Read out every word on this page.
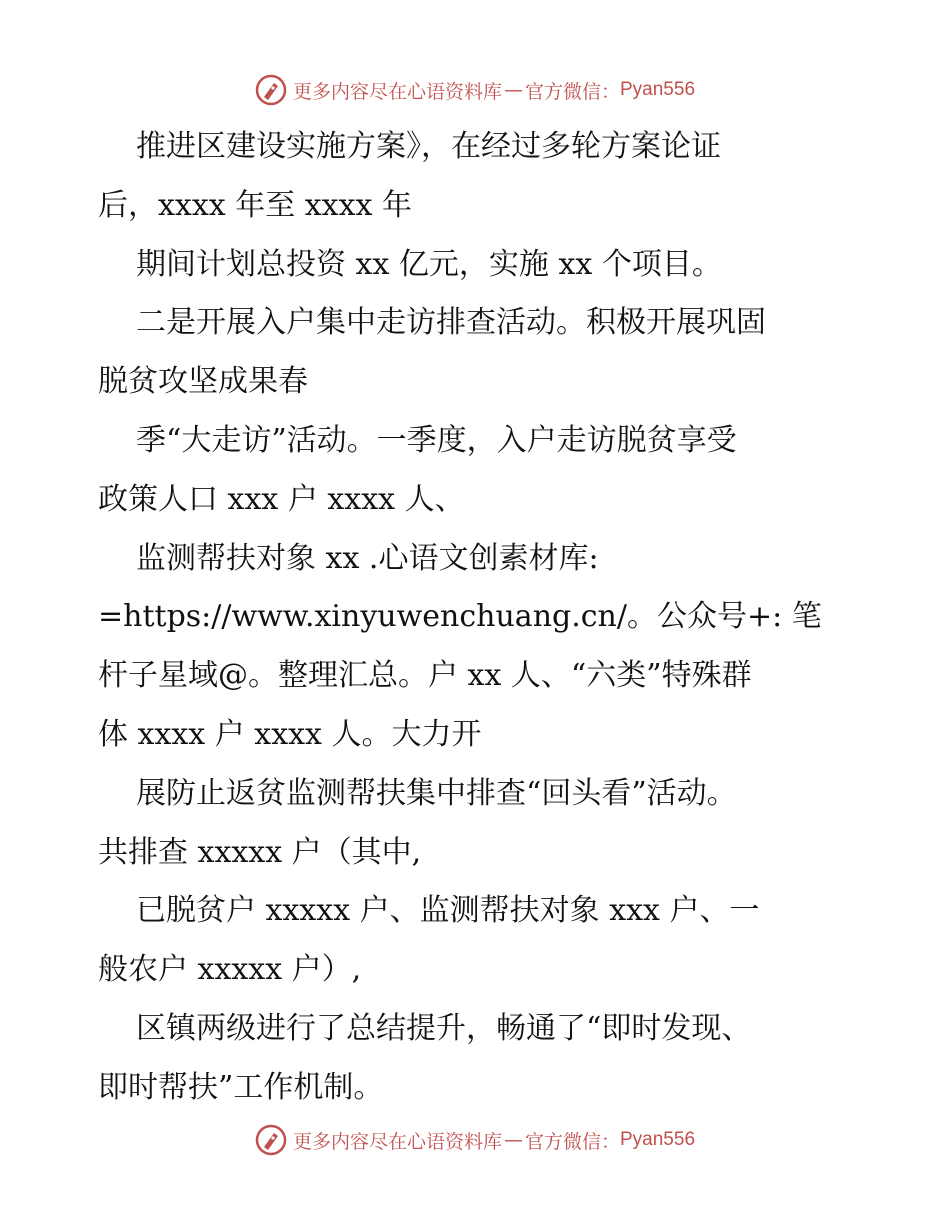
更多内容尽在心语资料库 — 官方微信： Pyan556
推进区建设实施方案》，在经过多轮方案论证
后，xxxx 年至 xxxx 年
期间计划总投资 xx 亿元，实施 xx 个项目。
二是开展入户集中走访排查活动。积极开展巩固
脱贫攻坚成果春
季“大走访”活动。一季度，入户走访脱贫享受
政策人口 xxx 户 xxxx 人、
监测帮扶对象 xx .心语文创素材库:
=https://www.xinyuwenchuang.cn/。公众号+: 笔
杆子星域@。整理汇总。户 xx 人、“六类”特殊群
体 xxxx 户 xxxx 人。大力开
展防止返贫监测帮扶集中排查“回头看”活动。
共排查 xxxxx 户（其中,
已脱贫户 xxxxx 户、监测帮扶对象 xxx 户、一
般农户 xxxxx 户）,
区镇两级进行了总结提升，畅通了“即时发现、
即时帮扶”工作机制。
更多内容尽在心语资料库 — 官方微信： Pyan556
